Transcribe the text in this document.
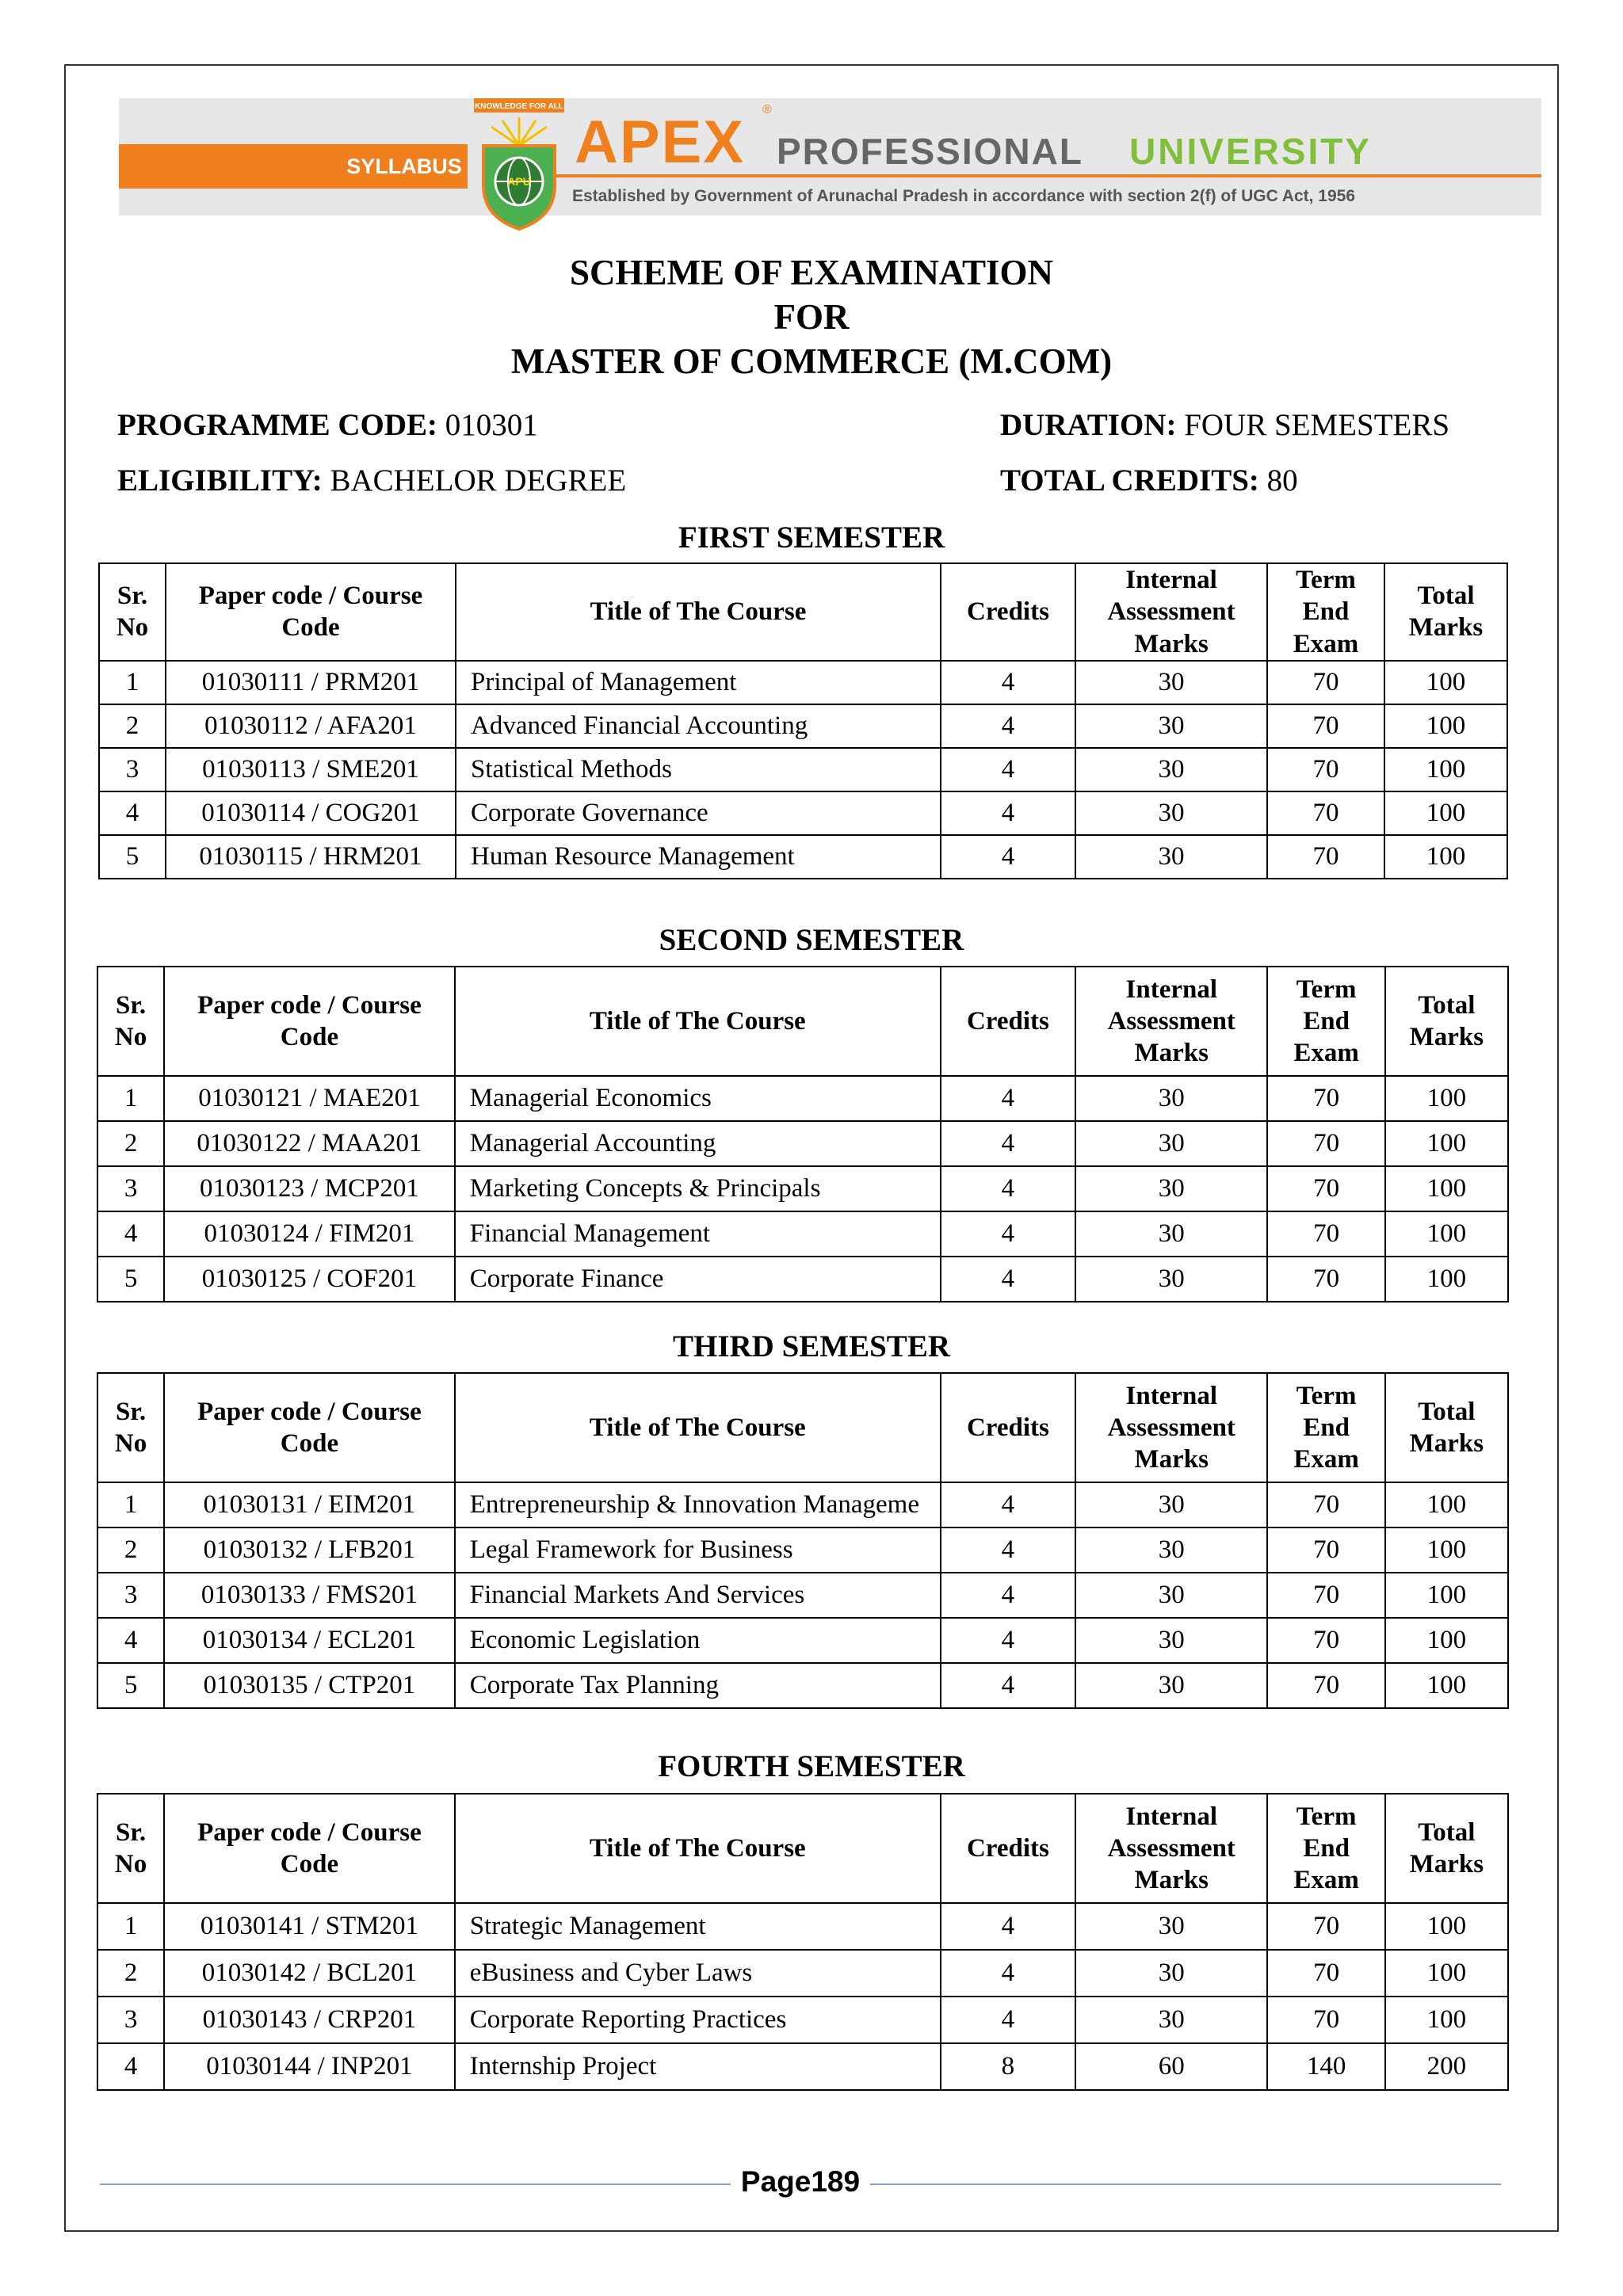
SYLLABUS
KNOWLEDGE FOR ALL
APU
APEX ®
PROFESSIONAL UNIVERSITY
Established by Government of Arunachal Pradesh in accordance with section 2(f) of UGC Act, 1956
SCHEME OF EXAMINATION
FOR
MASTER OF COMMERCE (M.COM)
PROGRAMME CODE: 010301	DURATION: FOUR SEMESTERS
ELIGIBILITY: BACHELOR DEGREE	TOTAL CREDITS: 80
FIRST SEMESTER
SECOND SEMESTER
THIRD SEMESTER
FOURTH SEMESTER
Sr. No	Paper code / Course Code	Title of The Course	Credits	Internal Assessment Marks	Term End Exam	Total Marks
1	01030111 / PRM201	Principal of Management	4	30	70	100
2	01030112 / AFA201	Advanced Financial Accounting	4	30	70	100
3	01030113 / SME201	Statistical Methods	4	30	70	100
4	01030114 / COG201	Corporate Governance	4	30	70	100
5	01030115 / HRM201	Human Resource Management	4	30	70	100
Sr. No	Paper code / Course Code	Title of The Course	Credits	Internal Assessment Marks	Term End Exam	Total Marks
1	01030121 / MAE201	Managerial Economics	4	30	70	100
2	01030122 / MAA201	Managerial Accounting	4	30	70	100
3	01030123 / MCP201	Marketing Concepts & Principals	4	30	70	100
4	01030124 / FIM201	Financial Management	4	30	70	100
5	01030125 / COF201	Corporate Finance	4	30	70	100
Sr. No	Paper code / Course Code	Title of The Course	Credits	Internal Assessment Marks	Term End Exam	Total Marks
1	01030131 / EIM201	Entrepreneurship & Innovation Manageme	4	30	70	100
2	01030132 / LFB201	Legal Framework for Business	4	30	70	100
3	01030133 / FMS201	Financial Markets And Services	4	30	70	100
4	01030134 / ECL201	Economic Legislation	4	30	70	100
5	01030135 / CTP201	Corporate Tax Planning	4	30	70	100
Sr. No	Paper code / Course Code	Title of The Course	Credits	Internal Assessment Marks	Term End Exam	Total Marks
1	01030141 / STM201	Strategic Management	4	30	70	100
2	01030142 / BCL201	eBusiness and Cyber Laws	4	30	70	100
3	01030143 / CRP201	Corporate Reporting Practices	4	30	70	100
4	01030144 / INP201	Internship Project	8	60	140	200
Page189
